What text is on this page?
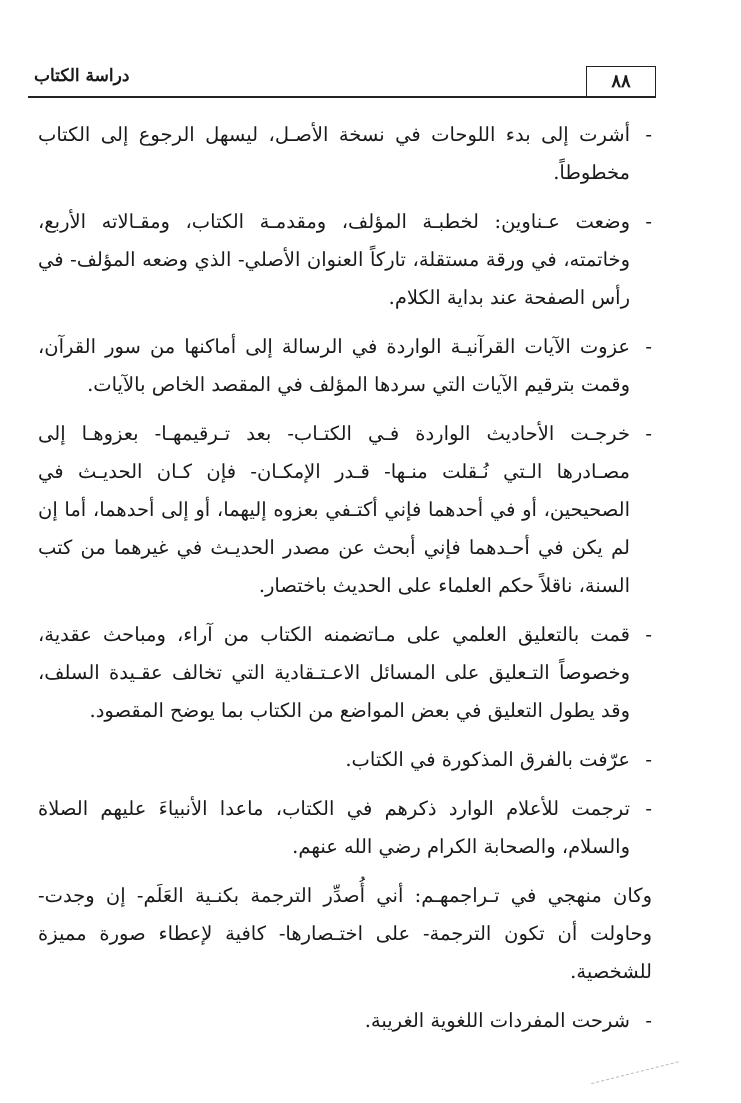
دراسة الكتاب	٨٨

-
أشرت إلى بدء اللوحات في نسخة الأصـل، ليسهل الرجوع إلى الكتاب مخطوطاً.

-
وضعت عـناوين: لخطبـة المؤلف، ومقدمـة الكتاب، ومقـالاته الأربع، وخاتمته، في ورقة مستقلة، تاركاً العنوان الأصلي- الذي وضعه المؤلف- في رأس الصفحة عند بداية الكلام.

-
عزوت الآيات القرآنيـة الواردة في الرسالة إلى أماكنها من سور القرآن، وقمت بترقيم الآيات التي سردها المؤلف في المقصد الخاص بالآيات.

-
خرجـت الأحاديث الواردة فـي الكتـاب- بعد تـرقيمهـا- بعزوهـا إلى مصـادرها الـتي نُـقلت منـها- قـدر الإمكـان- فإن كـان الحديـث في الصحيحين، أو في أحدهما فإني أكتـفي بعزوه إليهما، أو إلى أحدهما، أما إن لم يكن في أحـدهما فإني أبحث عن مصدر الحديـث في غيرهما من كتب السنة، ناقلاً حكم العلماء على الحديث باختصار.

-
قمت بالتعليق العلمي على مـاتضمنه الكتاب من آراء، ومباحث عقدية، وخصوصاً التـعليق على المسائل الاعـتـقادية التي تخالف عقـيدة السلف، وقد يطول التعليق في بعض المواضع من الكتاب بما يوضح المقصود.

-
عرّفت بالفرق المذكورة في الكتاب.

-
ترجمت للأعلام الوارد ذكرهم في الكتاب، ماعدا الأنبياءَ عليهم الصلاة والسلام، والصحابة الكرام رضي الله عنهم.

وكان منهجي في تـراجمهـم: أني أُصدِّر الترجمة بكنـية العَلَم- إن وجدت- وحاولت أن تكون الترجمة- على اختـصارها- كافية لإعطاء صورة مميزة للشخصية.

-
شرحت المفردات اللغوية الغريبة.
